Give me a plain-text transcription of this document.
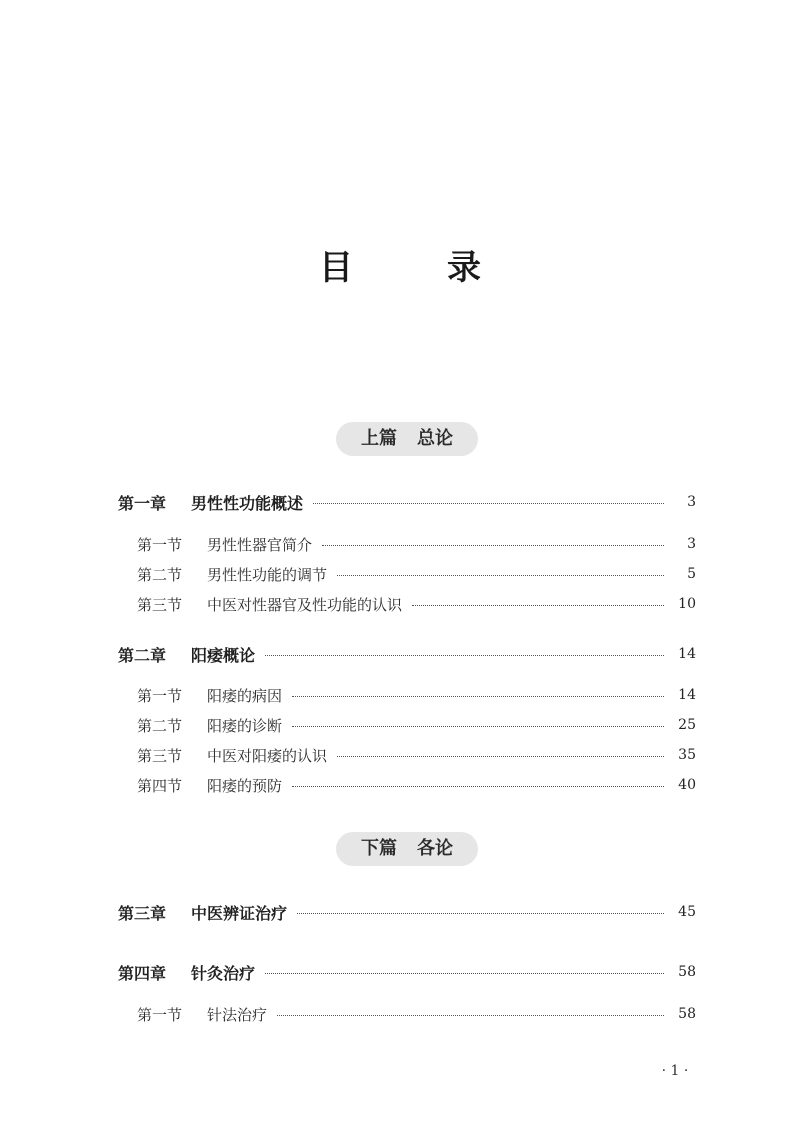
目　录
上篇 总论
第一章 男性性功能概述	3
第一节 男性性器官简介	3
第二节 男性性功能的调节	5
第三节 中医对性器官及性功能的认识	10
第二章 阳痿概论	14
第一节 阳痿的病因	14
第二节 阳痿的诊断	25
第三节 中医对阳痿的认识	35
第四节 阳痿的预防	40
下篇 各论
第三章 中医辨证治疗	45
第四章 针灸治疗	58
第一节 针法治疗	58
· 1 ·
